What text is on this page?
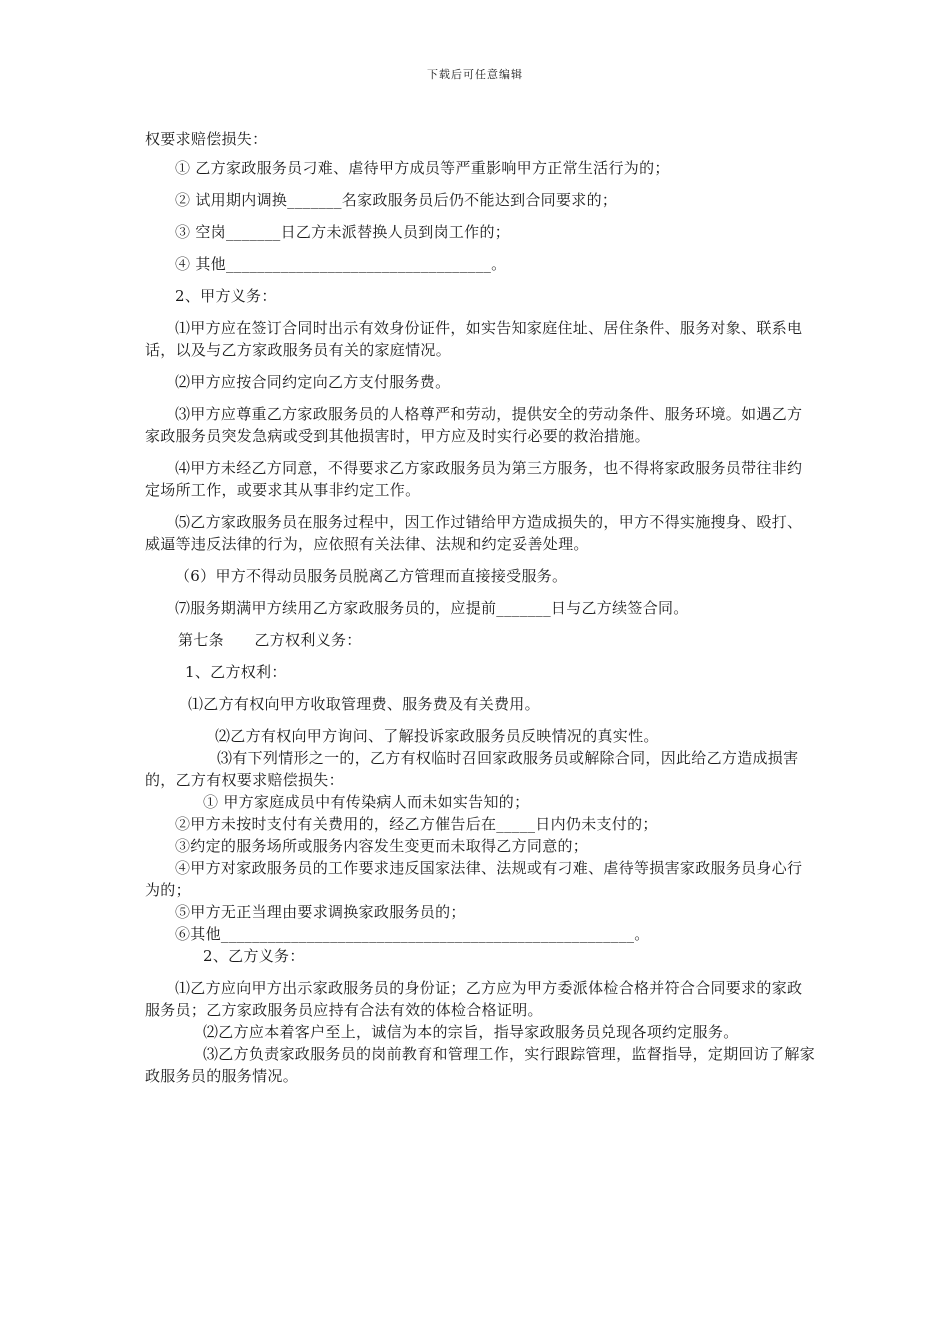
下载后可任意编辑

权要求赔偿损失：

① 乙方家政服务员刁难、虐待甲方成员等严重影响甲方正常生活行为的；

② 试用期内调换_______名家政服务员后仍不能达到合同要求的；

③ 空岗_______日乙方未派替换人员到岗工作的；

④ 其他__________________________________。

2、甲方义务：

⑴甲方应在签订合同时出示有效身份证件，如实告知家庭住址、居住条件、服务对象、联系电话，以及与乙方家政服务员有关的家庭情况。

⑵甲方应按合同约定向乙方支付服务费。

⑶甲方应尊重乙方家政服务员的人格尊严和劳动，提供安全的劳动条件、服务环境。如遇乙方家政服务员突发急病或受到其他损害时，甲方应及时实行必要的救治措施。

⑷甲方未经乙方同意，不得要求乙方家政服务员为第三方服务，也不得将家政服务员带往非约定场所工作，或要求其从事非约定工作。

⑸乙方家政服务员在服务过程中，因工作过错给甲方造成损失的，甲方不得实施搜身、殴打、威逼等违反法律的行为，应依照有关法律、法规和约定妥善处理。

（6）甲方不得动员服务员脱离乙方管理而直接接受服务。

⑺服务期满甲方续用乙方家政服务员的，应提前_______日与乙方续签合同。

第七条　　乙方权利义务：

1、乙方权利：

⑴乙方有权向甲方收取管理费、服务费及有关费用。

⑵乙方有权向甲方询问、了解投诉家政服务员反映情况的真实性。

⑶有下列情形之一的，乙方有权临时召回家政服务员或解除合同，因此给乙方造成损害的，乙方有权要求赔偿损失：

① 甲方家庭成员中有传染病人而未如实告知的；

②甲方未按时支付有关费用的，经乙方催告后在_____日内仍未支付的；

③约定的服务场所或服务内容发生变更而未取得乙方同意的；

④甲方对家政服务员的工作要求违反国家法律、法规或有刁难、虐待等损害家政服务员身心行为的；

⑤甲方无正当理由要求调换家政服务员的；

⑥其他_____________________________________________________。

2、乙方义务：

⑴乙方应向甲方出示家政服务员的身份证；乙方应为甲方委派体检合格并符合合同要求的家政服务员；乙方家政服务员应持有合法有效的体检合格证明。

⑵乙方应本着客户至上，诚信为本的宗旨，指导家政服务员兑现各项约定服务。

⑶乙方负责家政服务员的岗前教育和管理工作，实行跟踪管理，监督指导，定期回访了解家政服务员的服务情况。
